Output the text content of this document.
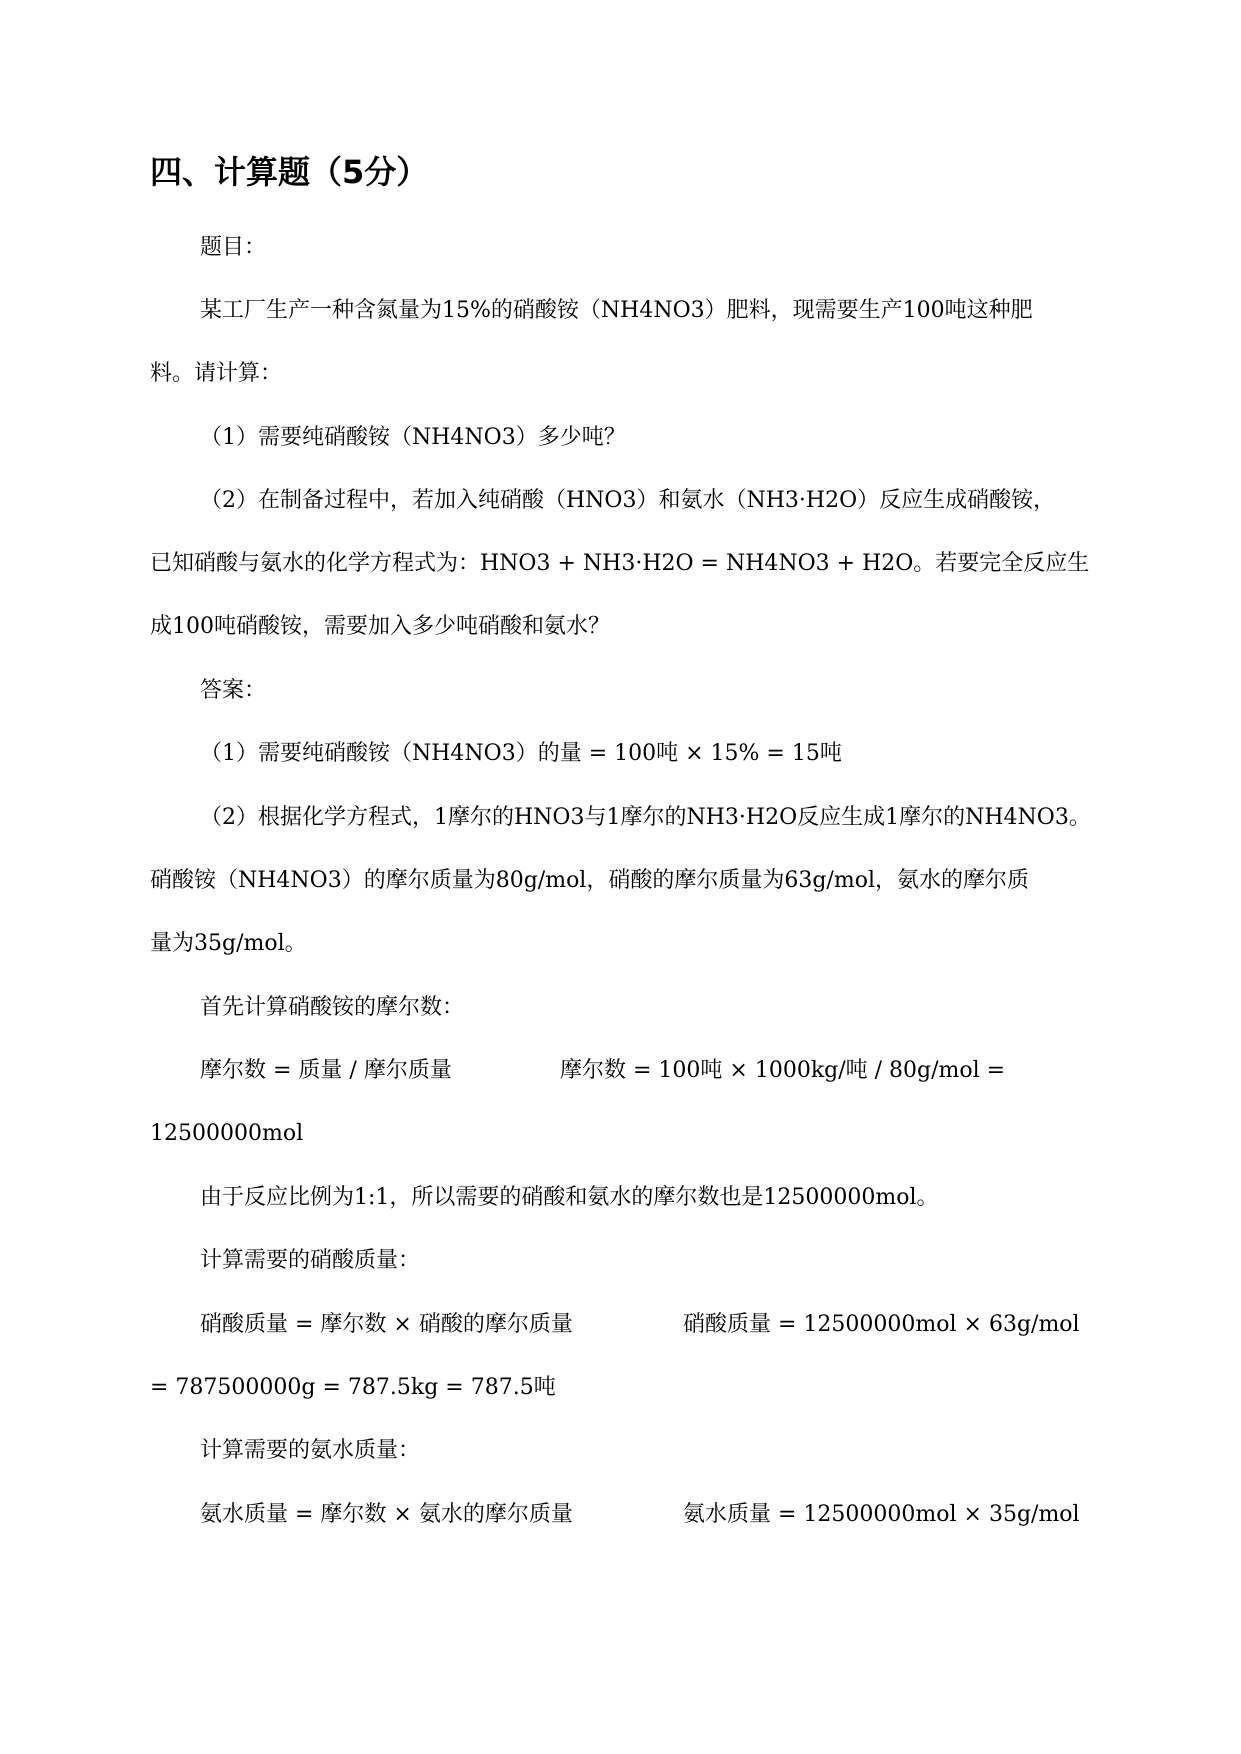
四、计算题（5分）
题目：
某工厂生产一种含氮量为15%的硝酸铵（NH4NO3）肥料，现需要生产100吨这种肥
料。请计算：
（1）需要纯硝酸铵（NH4NO3）多少吨？
（2）在制备过程中，若加入纯硝酸（HNO3）和氨水（NH3·H2O）反应生成硝酸铵，
已知硝酸与氨水的化学方程式为：HNO3 + NH3·H2O = NH4NO3 + H2O。若要完全反应生
成100吨硝酸铵，需要加入多少吨硝酸和氨水？
答案：
（1）需要纯硝酸铵（NH4NO3）的量 = 100吨 × 15% = 15吨
（2）根据化学方程式，1摩尔的HNO3与1摩尔的NH3·H2O反应生成1摩尔的NH4NO3。
硝酸铵（NH4NO3）的摩尔质量为80g/mol，硝酸的摩尔质量为63g/mol，氨水的摩尔质
量为35g/mol。
首先计算硝酸铵的摩尔数：
摩尔数 = 质量 / 摩尔质量	摩尔数 = 100吨 × 1000kg/吨 / 80g/mol =
12500000mol
由于反应比例为1:1，所以需要的硝酸和氨水的摩尔数也是12500000mol。
计算需要的硝酸质量：
硝酸质量 = 摩尔数 × 硝酸的摩尔质量	硝酸质量 = 12500000mol × 63g/mol
= 787500000g = 787.5kg = 787.5吨
计算需要的氨水质量：
氨水质量 = 摩尔数 × 氨水的摩尔质量	氨水质量 = 12500000mol × 35g/mol
